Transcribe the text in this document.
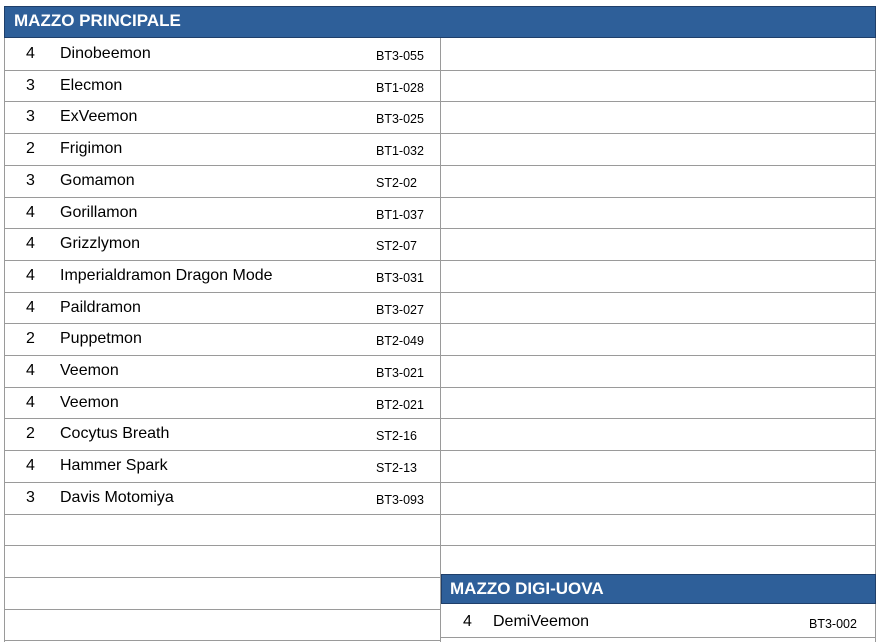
MAZZO PRINCIPALE
4 Dinobeemon	BT3-055
3 Elecmon	BT1-028
3 ExVeemon	BT3-025
2 Frigimon	BT1-032
3 Gomamon	ST2-02
4 Gorillamon	BT1-037
4 Grizzlymon	ST2-07
4 Imperialdramon Dragon Mode	BT3-031
4 Paildramon	BT3-027
2 Puppetmon	BT2-049
4 Veemon	BT3-021
4 Veemon	BT2-021
2 Cocytus Breath	ST2-16
4 Hammer Spark	ST2-13
3 Davis Motomiya	BT3-093
MAZZO DIGI-UOVA
4 DemiVeemon	BT3-002
